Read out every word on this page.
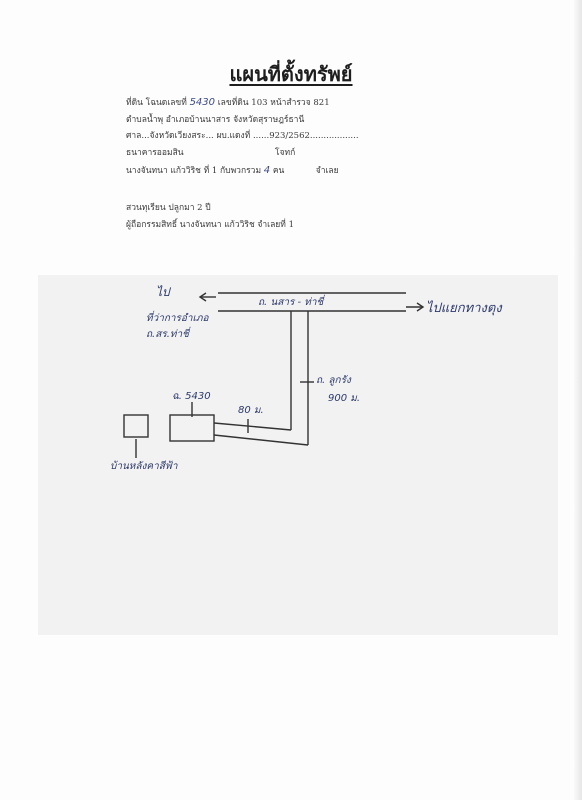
แผนที่ตั้งทรัพย์
ที่ดิน โฉนดเลขที่ 5430 เลขที่ดิน 103 หน้าสำรวจ 821
ตำบลน้ำพุ อำเภอบ้านนาสาร จังหวัดสุราษฎร์ธานี
ศาล...จังหวัดเวียงสระ... ผบ.แดงที่ ......923/2562..................
ธนาคารออมสิน	โจทก์
นางจันทนา แก้ววิริช ที่ 1 กับพวกรวม 4 คน	จำเลย
สวนทุเรียน ปลูกมา 2 ปี
ผู้ถือกรรมสิทธิ์ นางจันทนา แก้ววิริช จำเลยที่ 1
ไป
ที่ว่าการอำเภอ
ถ.สร.ท่าชี่
ถ. นสาร - ท่าชี่	ไปแยกทางตุง
ถ. ลูกรัง
900 ม.
ฉ. 5430
80 ม.
บ้านหลังคาสีฟ้า
